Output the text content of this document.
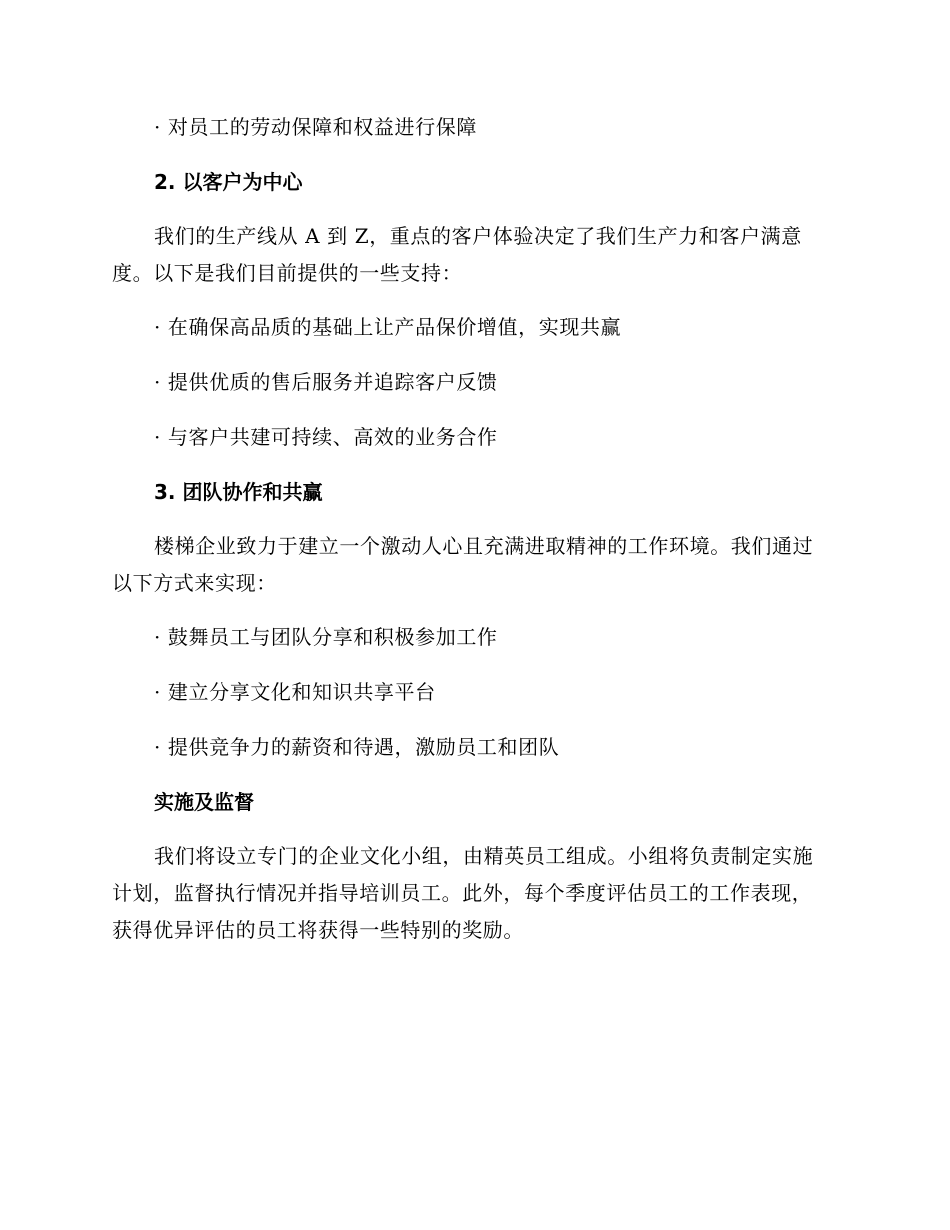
· 对员工的劳动保障和权益进行保障

2. 以客户为中心

我们的生产线从 A 到 Z，重点的客户体验决定了我们生产力和客户满意度。以下是我们目前提供的一些支持：

· 在确保高品质的基础上让产品保价增值，实现共赢

· 提供优质的售后服务并追踪客户反馈

· 与客户共建可持续、高效的业务合作

3. 团队协作和共赢

楼梯企业致力于建立一个激动人心且充满进取精神的工作环境。我们通过以下方式来实现：

· 鼓舞员工与团队分享和积极参加工作

· 建立分享文化和知识共享平台

· 提供竞争力的薪资和待遇，激励员工和团队

实施及监督

我们将设立专门的企业文化小组，由精英员工组成。小组将负责制定实施计划，监督执行情况并指导培训员工。此外，每个季度评估员工的工作表现，获得优异评估的员工将获得一些特别的奖励。
